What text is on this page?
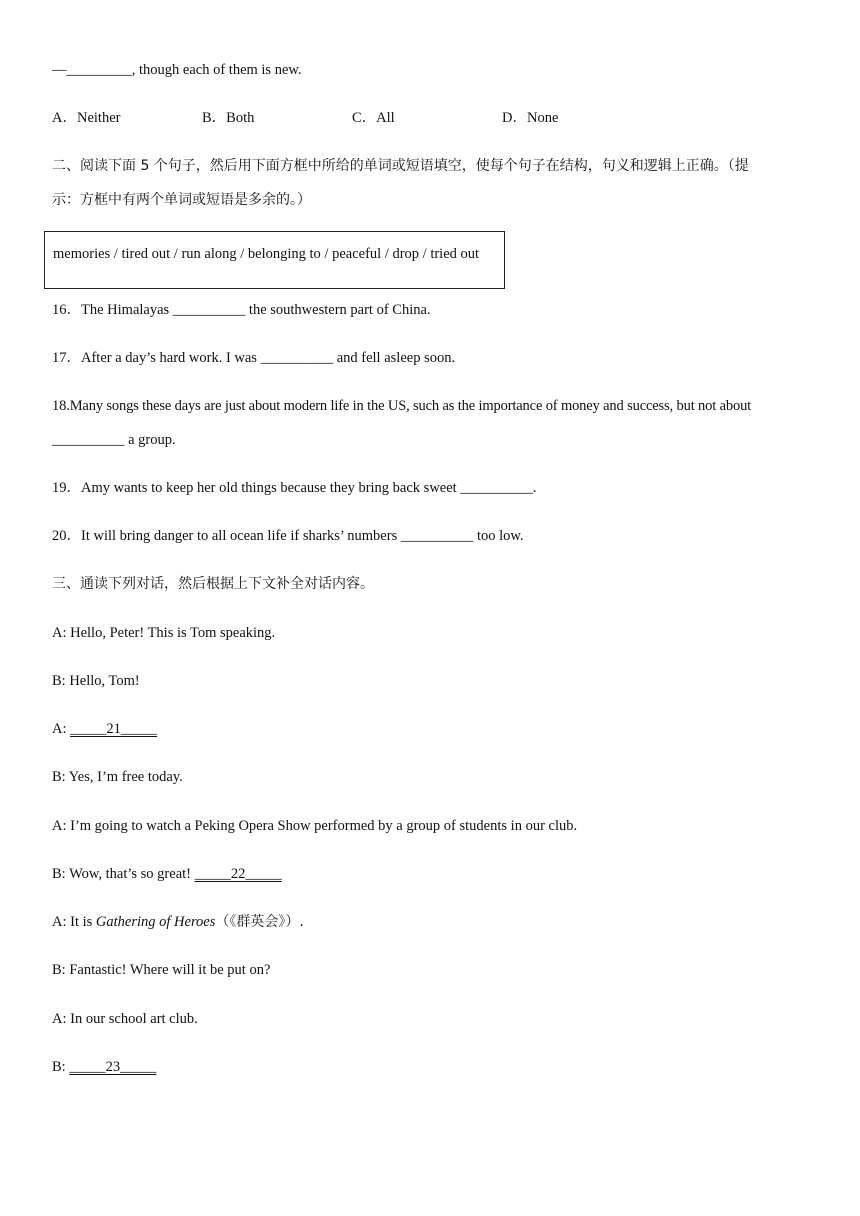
—_________, though each of them is new.
A．Neither	B．Both	C．All	D．None
二、阅读下面 5 个句子，然后用下面方框中所给的单词或短语填空，使每个句子在结构，句义和逻辑上正确。（提
示：方框中有两个单词或短语是多余的。）
memories / tired out / run along / belonging to / peaceful / drop / tried out
16．The Himalayas __________ the southwestern part of China.
17．After a day’s hard work. I was __________ and fell asleep soon.
18.Many songs these days are just about modern life in the US, such as the importance of money and success, but not about
__________ a group.
19．Amy wants to keep her old things because they bring back sweet __________.
20．It will bring danger to all ocean life if sharks’ numbers __________ too low.
三、通读下列对话，然后根据上下文补全对话内容。
A: Hello, Peter! This is Tom speaking.
B: Hello, Tom!
A: _____21_____
B: Yes, I’m free today.
A: I’m going to watch a Peking Opera Show performed by a group of students in our club.
B: Wow, that’s so great! _____22_____
A: It is Gathering of Heroes（《群英会》）.
B: Fantastic! Where will it be put on?
A: In our school art club.
B: _____23_____
